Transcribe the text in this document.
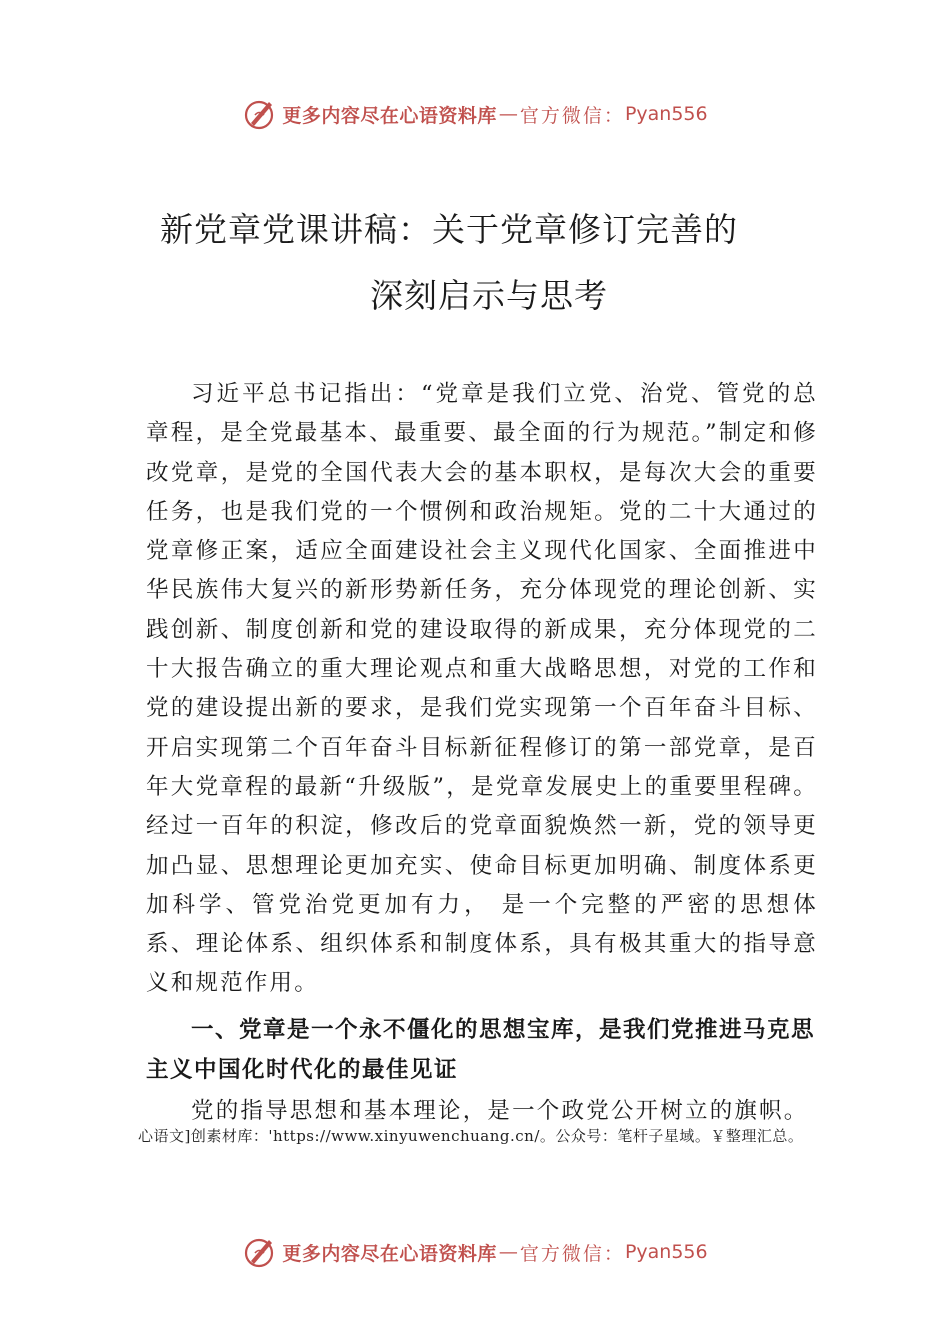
更多内容尽在心语资料库 — 官方微信： Pyan556
新党章党课讲稿：关于党章修订完善的
深刻启示与思考

习近平总书记指出：“党章是我们立党、治党、管党的总章程，是全党最基本、最重要、最全面的行为规范。”制定和修改党章，是党的全国代表大会的基本职权，是每次大会的重要任务，也是我们党的一个惯例和政治规矩。党的二十大通过的党章修正案，适应全面建设社会主义现代化国家、全面推进中华民族伟大复兴的新形势新任务，充分体现党的理论创新、实践创新、制度创新和党的建设取得的新成果，充分体现党的二十大报告确立的重大理论观点和重大战略思想，对党的工作和党的建设提出新的要求，是我们党实现第一个百年奋斗目标、开启实现第二个百年奋斗目标新征程修订的第一部党章，是百年大党章程的最新“升级版”，是党章发展史上的重要里程碑。经过一百年的积淀，修改后的党章面貌焕然一新，党的领导更加凸显、思想理论更加充实、使命目标更加明确、制度体系更加科学、管党治党更加有力， 是一个完整的严密的思想体系、理论体系、组织体系和制度体系，具有极其重大的指导意义和规范作用。

一、党章是一个永不僵化的思想宝库，是我们党推进马克思主义中国化时代化的最佳见证

党的指导思想和基本理论，是一个政党公开树立的旗帜。

心语文]创素材库：'https://www.xinyuwenchuang.cn/。公众号：笔杆子星域。￥整理汇总。
更多内容尽在心语资料库 — 官方微信： Pyan556
